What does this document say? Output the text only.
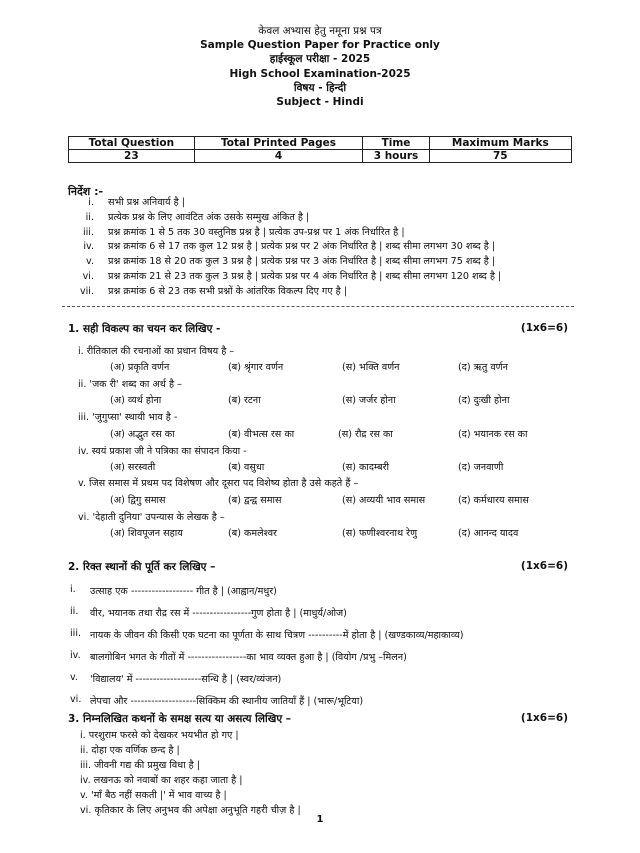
केवल अभ्यास हेतु नमूना प्रश्न पत्र
Sample Question Paper for Practice only
हाईस्कूल परीक्षा - 2025
High School Examination-2025
विषय - हिन्दी
Subject - Hindi
Total Question	Total Printed Pages	Time	Maximum Marks
23	4	3 hours	75
निर्देश :-
i. सभी प्रश्न अनिवार्य है |
ii. प्रत्येक प्रश्न के लिए आवंटित अंक उसके सम्मुख अंकित है |
iii. प्रश्न क्रमांक 1 से 5 तक 30 वस्तुनिष्ठ प्रश्न है | प्रत्येक उप-प्रश्न पर 1 अंक निर्धारित है |
iv. प्रश्न क्रमांक 6 से 17 तक कुल 12 प्रश्न है | प्रत्येक प्रश्न पर 2 अंक निर्धारित है | शब्द सीमा लगभग 30 शब्द है |
v. प्रश्न क्रमांक 18 से 20 तक कुल 3 प्रश्न है | प्रत्येक प्रश्न पर 3 अंक निर्धारित है | शब्द सीमा लगभग 75 शब्द है |
vi. प्रश्न क्रमांक 21 से 23 तक कुल 3 प्रश्न है | प्रत्येक प्रश्न पर 4 अंक निर्धारित है | शब्द सीमा लगभग 120 शब्द है |
vii. प्रश्न क्रमांक 6 से 23 तक सभी प्रश्नों के आंतरिक विकल्प दिए गए है |
1. सही विकल्प का चयन कर लिखिए -	(1x6=6)
i. रीतिकाल की रचनाओं का प्रधान विषय है –
(अ) प्रकृति वर्णन	(ब) श्रृंगार वर्णन	(स) भक्ति वर्णन	(द) ऋतु वर्णन
ii. 'जक री' शब्द का अर्थ है –
(अ) व्यर्थ होना	(ब) रटना	(स) जर्जर होना	(द) दुःखी होना
iii. 'जुगुप्सा' स्थायी भाव है -
(अ) अद्भुत रस का	(ब) वीभत्स रस का	(स) रौद्र रस का	(द) भयानक रस का
iv. स्वयं प्रकाश जी ने पत्रिका का संपादन किया -
(अ) सरस्वती	(ब) वसुधा	(स) कादम्बरी	(द) जनवाणी
v. जिस समास में प्रथम पद विशेषण और दूसरा पद विशेष्य होता है उसे कहते हैं –
(अ) द्विगु समास	(ब) द्वन्द्व समास	(स) अव्ययी भाव समास	(द) कर्मधारय समास
vi. 'देहाती दुनिया' उपन्यास के लेखक है –
(अ) शिवपूजन सहाय	(ब) कमलेश्वर	(स) फणीश्वरनाथ रेणु	(द) आनन्द यादव
2. रिक्त स्थानों की पूर्ति कर लिखिए –	(1x6=6)
i. उत्साह एक ------------------ गीत है | (आह्वान/मधुर)
ii. वीर, भयानक तथा रौद्र रस में -----------------गुण होता है | (माधुर्य/ओज)
iii. नायक के जीवन की किसी एक घटना का पूर्णता के साथ चित्रण ----------में होता है | (खण्डकाव्य/महाकाव्य)
iv. बालगोबिन भगत के गीतों में -----------------का भाव व्यक्त हुआ है | (वियोग /प्रभु –मिलन)
v. 'विद्यालय' में -------------------सन्धि है | (स्वर/व्यंजन)
vi. लेपचा और -------------------सिक्किम की स्थानीय जातियाँ हैं | (भारू/भूटिया)
3. निम्नलिखित कथनों के समक्ष सत्य या असत्य लिखिए –	(1x6=6)
i. परशुराम फरसे को देखकर भयभीत हो गए |
ii. दोहा एक वर्णिक छन्द है |
iii. जीवनी गद्य की प्रमुख विधा है |
iv. लखनऊ को नवाबों का शहर कहा जाता है |
v. 'माँ बैठ नहीं सकती |' में भाव वाच्य है |
vi. कृतिकार के लिए अनुभव की अपेक्षा अनुभूति गहरी चीज़ है |
1
